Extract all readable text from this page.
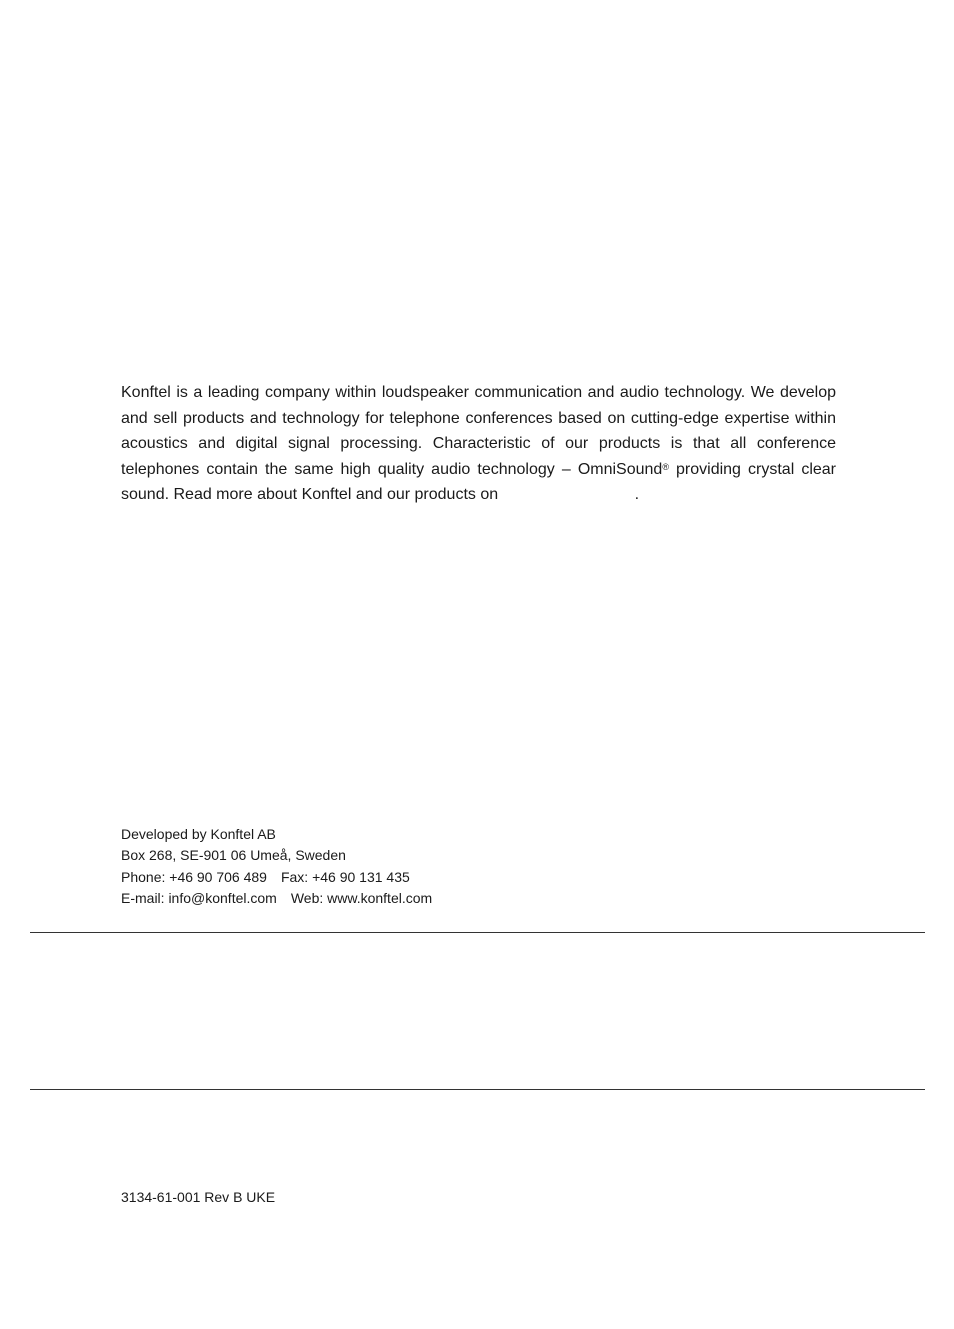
Konftel is a leading company within loudspeaker communication and audio technology. We develop and sell products and technology for telephone conferences based on cutting-edge expertise within acoustics and digital signal processing. Characteristic of our products is that all conference telephones contain the same high quality audio technology – OmniSound® providing crystal clear sound. Read more about Konftel and our products on	.

Developed by Konftel AB
Box 268, SE-901 06 Umeå, Sweden
Phone: +46 90 706 489 Fax: +46 90 131 435
E-mail: info@konftel.com Web: www.konftel.com

3134-61-001 Rev B UKE
